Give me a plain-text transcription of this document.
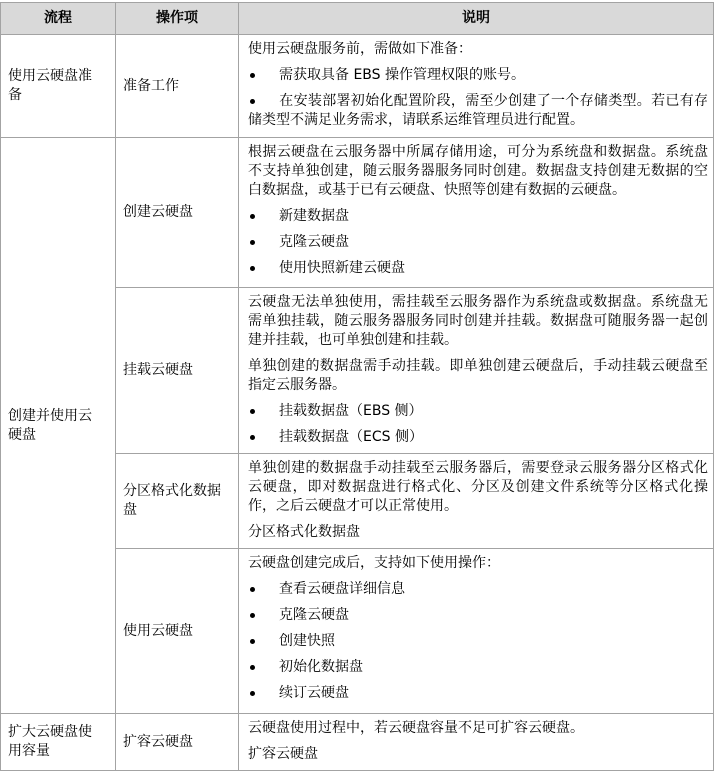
流程	操作项	说明
使用云硬盘准备
准备工作

使用云硬盘服务前，需做如下准备：

需获取具备 EBS 操作管理权限的账号。

在安装部署初始化配置阶段，需至少创建了一个存储类型。若已有存储类型不满足业务需求，请联系运维管理员进行配置。

创建并使用云硬盘
创建云硬盘

根据云硬盘在云服务器中所属存储用途，可分为系统盘和数据盘。系统盘不支持单独创建，随云服务器服务同时创建。数据盘支持创建无数据的空白数据盘，或基于已有云硬盘、快照等创建有数据的云硬盘。

新建数据盘

克隆云硬盘

使用快照新建云硬盘

挂载云硬盘

云硬盘无法单独使用，需挂载至云服务器作为系统盘或数据盘。系统盘无需单独挂载，随云服务器服务同时创建并挂载。数据盘可随服务器一起创建并挂载，也可单独创建和挂载。

单独创建的数据盘需手动挂载。即单独创建云硬盘后，手动挂载云硬盘至指定云服务器。

挂载数据盘（EBS 侧）

挂载数据盘（ECS 侧）

分区格式化数据盘

单独创建的数据盘手动挂载至云服务器后，需要登录云服务器分区格式化云硬盘，即对数据盘进行格式化、分区及创建文件系统等分区格式化操作，之后云硬盘才可以正常使用。

分区格式化数据盘

使用云硬盘

云硬盘创建完成后，支持如下使用操作：

查看云硬盘详细信息

克隆云硬盘

创建快照

初始化数据盘

续订云硬盘

扩大云硬盘使用容量
扩容云硬盘

云硬盘使用过程中，若云硬盘容量不足可扩容云硬盘。

扩容云硬盘
